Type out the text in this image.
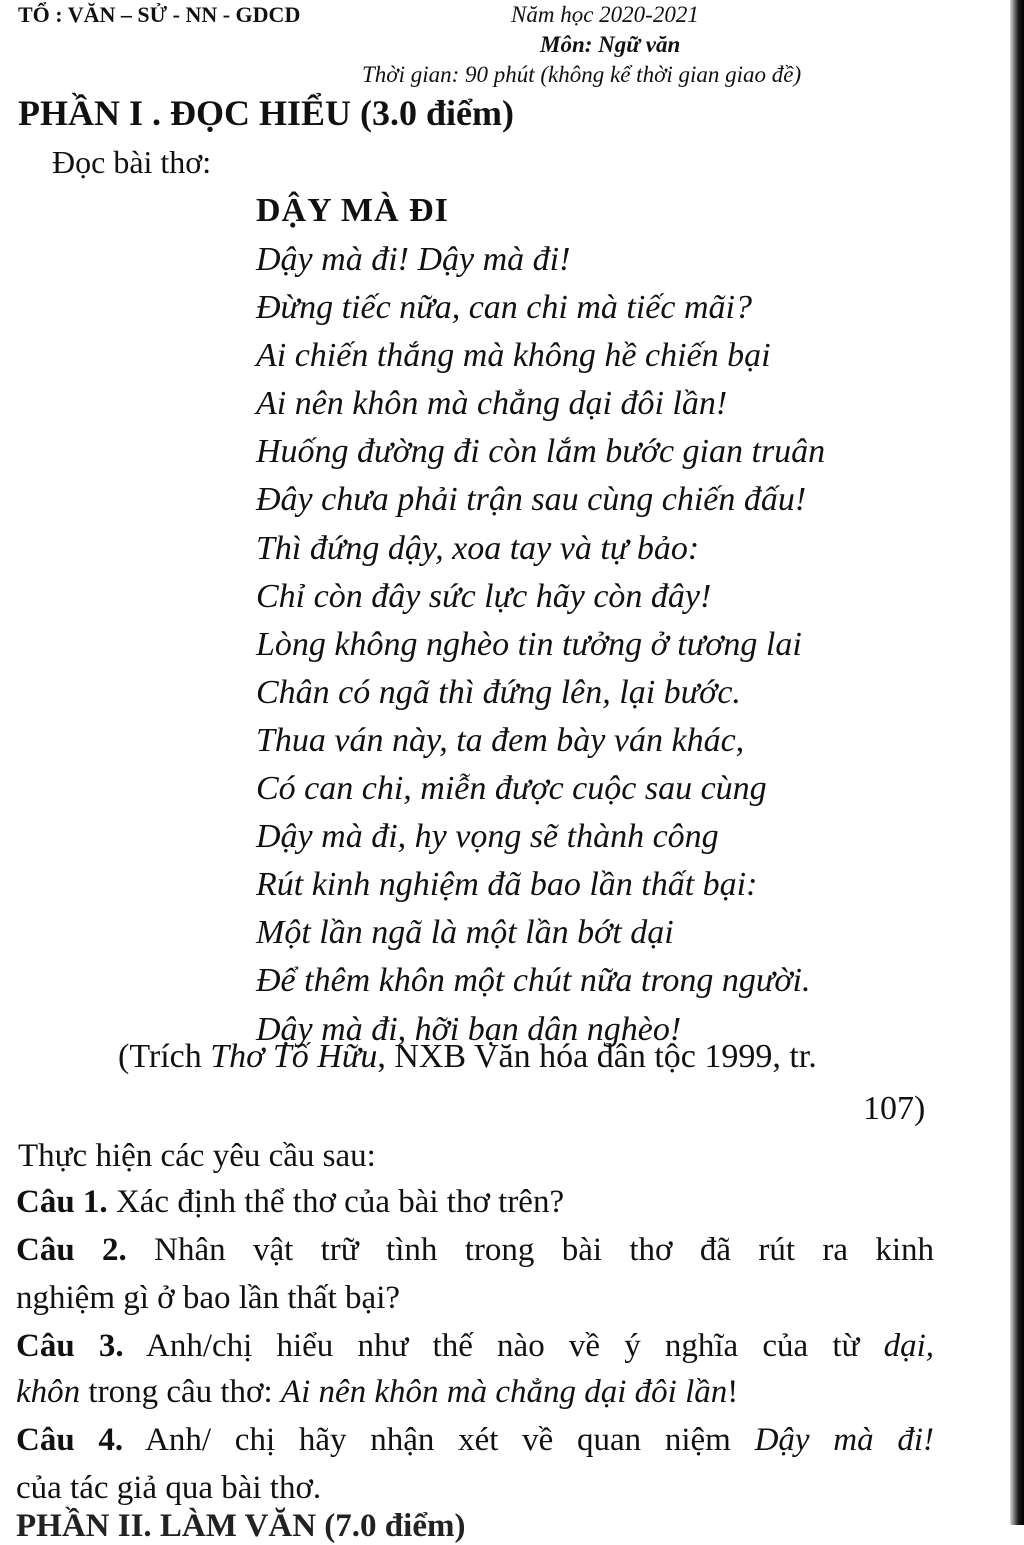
TỔ : VĂN – SỬ - NN - GDCD	Năm học 2020-2021
Môn: Ngữ văn
Thời gian: 90 phút (không kể thời gian giao đề)
PHẦN I . ĐỌC HIỂU (3.0 điểm)
Đọc bài thơ:
DẬY MÀ ĐI
Dậy mà đi! Dậy mà đi!
Đừng tiếc nữa, can chi mà tiếc mãi?
Ai chiến thắng mà không hề chiến bại
Ai nên khôn mà chẳng dại đôi lần!
Huống đường đi còn lắm bước gian truân
Đây chưa phải trận sau cùng chiến đấu!
Thì đứng dậy, xoa tay và tự bảo:
Chỉ còn đây sức lực hãy còn đây!
Lòng không nghèo tin tưởng ở tương lai
Chân có ngã thì đứng lên, lại bước.
Thua ván này, ta đem bày ván khác,
Có can chi, miễn được cuộc sau cùng
Dậy mà đi, hy vọng sẽ thành công
Rút kinh nghiệm đã bao lần thất bại:
Một lần ngã là một lần bớt dại
Để thêm khôn một chút nữa trong người.
Dậy mà đi, hỡi bạn dân nghèo!
(Trích Thơ Tố Hữu, NXB Văn hóa dân tộc 1999, tr.
107)
Thực hiện các yêu cầu sau:
Câu 1. Xác định thể thơ của bài thơ trên?
Câu 2. Nhân vật trữ tình trong bài thơ đã rút ra kinh
nghiệm gì ở bao lần thất bại?
Câu 3. Anh/chị hiểu như thế nào về ý nghĩa của từ dại,
khôn trong câu thơ: Ai nên khôn mà chẳng dại đôi lần!
Câu 4. Anh/ chị hãy nhận xét về quan niệm Dậy mà đi!
của tác giả qua bài thơ.
PHẦN II. LÀM VĂN (7.0 điểm)
